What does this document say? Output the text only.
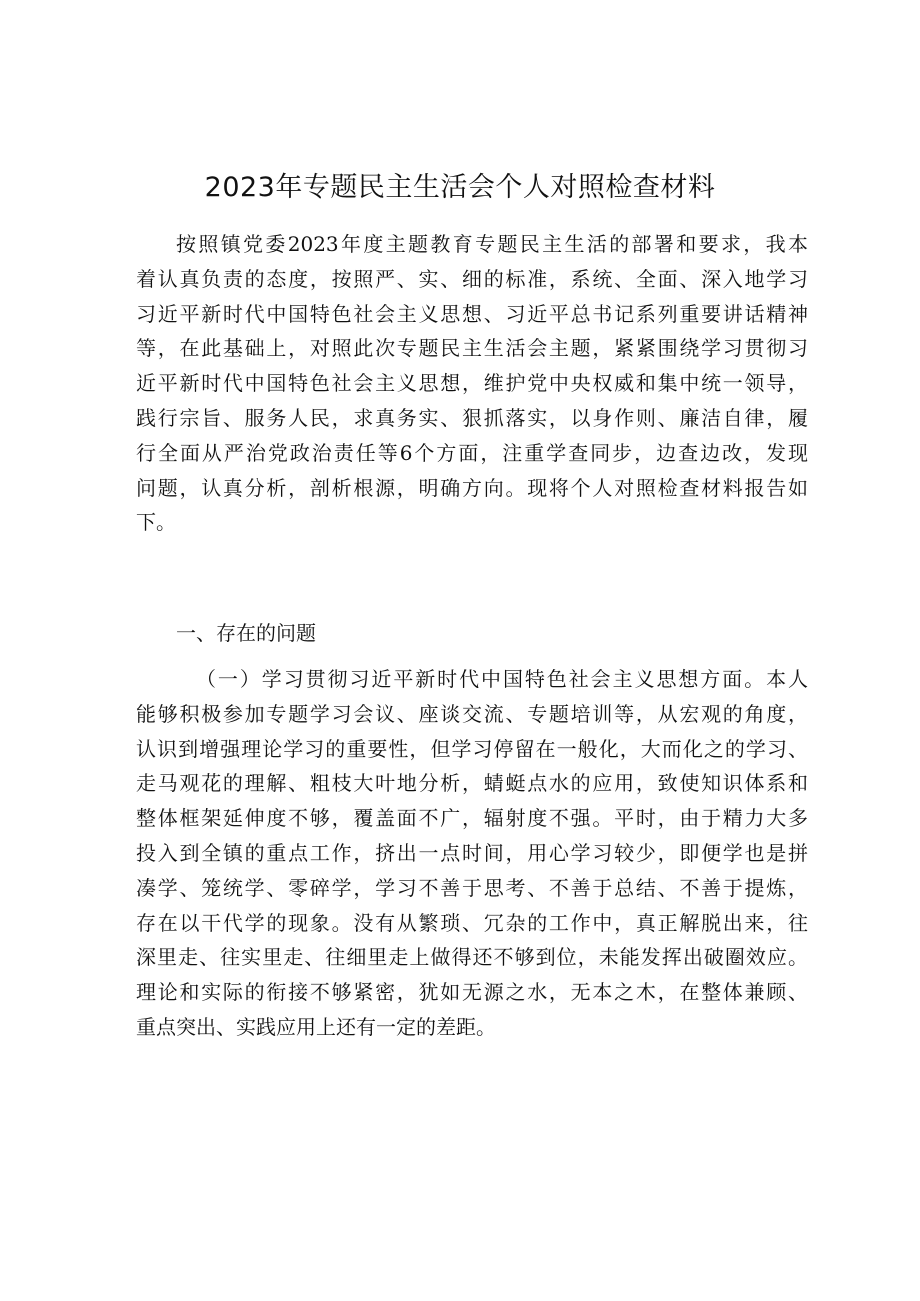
2023年专题民主生活会个人对照检查材料
按照镇党委2023年度主题教育专题民主生活的部署和要求，我本
着认真负责的态度，按照严、实、细的标准，系统、全面、深入地学习
习近平新时代中国特色社会主义思想、习近平总书记系列重要讲话精神
等，在此基础上，对照此次专题民主生活会主题，紧紧围绕学习贯彻习
近平新时代中国特色社会主义思想，维护党中央权威和集中统一领导，
践行宗旨、服务人民，求真务实、狠抓落实，以身作则、廉洁自律，履
行全面从严治党政治责任等6个方面，注重学查同步，边查边改，发现
问题，认真分析，剖析根源，明确方向。现将个人对照检查材料报告如
下。
一、存在的问题
（一）学习贯彻习近平新时代中国特色社会主义思想方面。本人
能够积极参加专题学习会议、座谈交流、专题培训等，从宏观的角度，
认识到增强理论学习的重要性，但学习停留在一般化，大而化之的学习、
走马观花的理解、粗枝大叶地分析，蜻蜓点水的应用，致使知识体系和
整体框架延伸度不够，覆盖面不广，辐射度不强。平时，由于精力大多
投入到全镇的重点工作，挤出一点时间，用心学习较少，即便学也是拼
凑学、笼统学、零碎学，学习不善于思考、不善于总结、不善于提炼，
存在以干代学的现象。没有从繁琐、冗杂的工作中，真正解脱出来，往
深里走、往实里走、往细里走上做得还不够到位，未能发挥出破圈效应。
理论和实际的衔接不够紧密，犹如无源之水，无本之木，在整体兼顾、
重点突出、实践应用上还有一定的差距。
